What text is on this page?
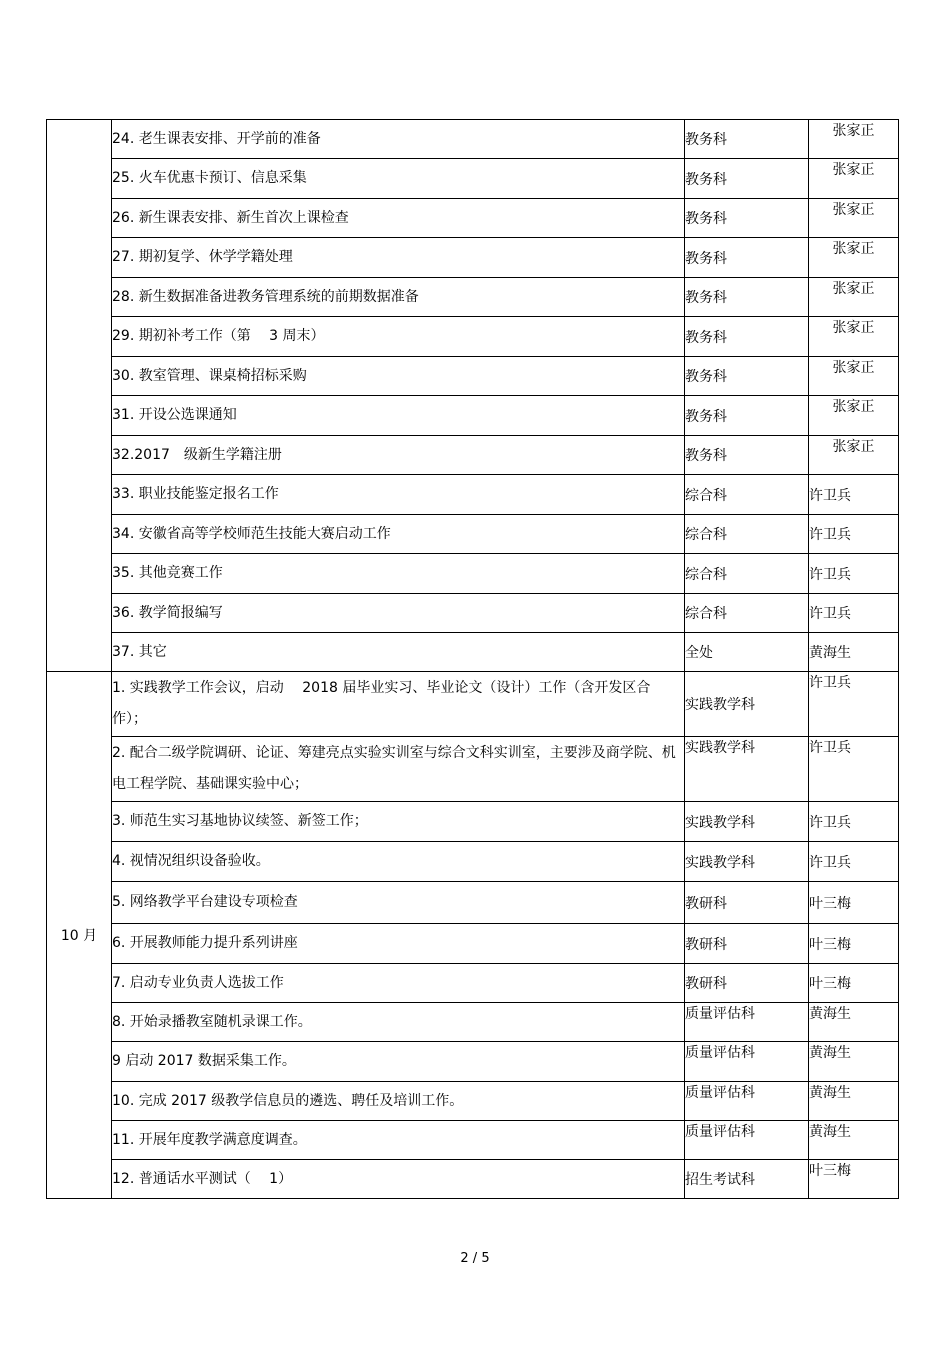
	24. 老生课表安排、开学前的准备	教务科	张家正
	25. 火车优惠卡预订、信息采集	教务科	张家正
	26. 新生课表安排、新生首次上课检查	教务科	张家正
	27. 期初复学、休学学籍处理	教务科	张家正
	28. 新生数据准备进教务管理系统的前期数据准备	教务科	张家正
	29. 期初补考工作（第　 3 周末）	教务科	张家正
	30. 教室管理、课桌椅招标采购	教务科	张家正
	31. 开设公选课通知	教务科	张家正
	32.2017　级新生学籍注册	教务科	张家正
	33. 职业技能鉴定报名工作	综合科	许卫兵
	34. 安徽省高等学校师范生技能大赛启动工作	综合科	许卫兵
	35. 其他竞赛工作	综合科	许卫兵
	36. 教学简报编写	综合科	许卫兵
	37. 其它	全处	黄海生
10 月	1. 实践教学工作会议，启动　 2018 届毕业实习、毕业论文（设计）工作（含开发区合作）；	实践教学科	许卫兵
	2. 配合二级学院调研、论证、筹建亮点实验实训室与综合文科实训室，主要涉及商学院、机电工程学院、基础课实验中心；	实践教学科	许卫兵
	3. 师范生实习基地协议续签、新签工作；	实践教学科	许卫兵
	4. 视情况组织设备验收。	实践教学科	许卫兵
	5. 网络教学平台建设专项检查	教研科	叶三梅
	6. 开展教师能力提升系列讲座	教研科	叶三梅
	7. 启动专业负责人选拔工作	教研科	叶三梅
	8. 开始录播教室随机录课工作。	质量评估科	黄海生
	9 启动 2017 数据采集工作。	质量评估科	黄海生
	10. 完成 2017 级教学信息员的遴选、聘任及培训工作。	质量评估科	黄海生
	11. 开展年度教学满意度调查。	质量评估科	黄海生
	12. 普通话水平测试（　 1）	招生考试科	叶三梅
2 / 5
